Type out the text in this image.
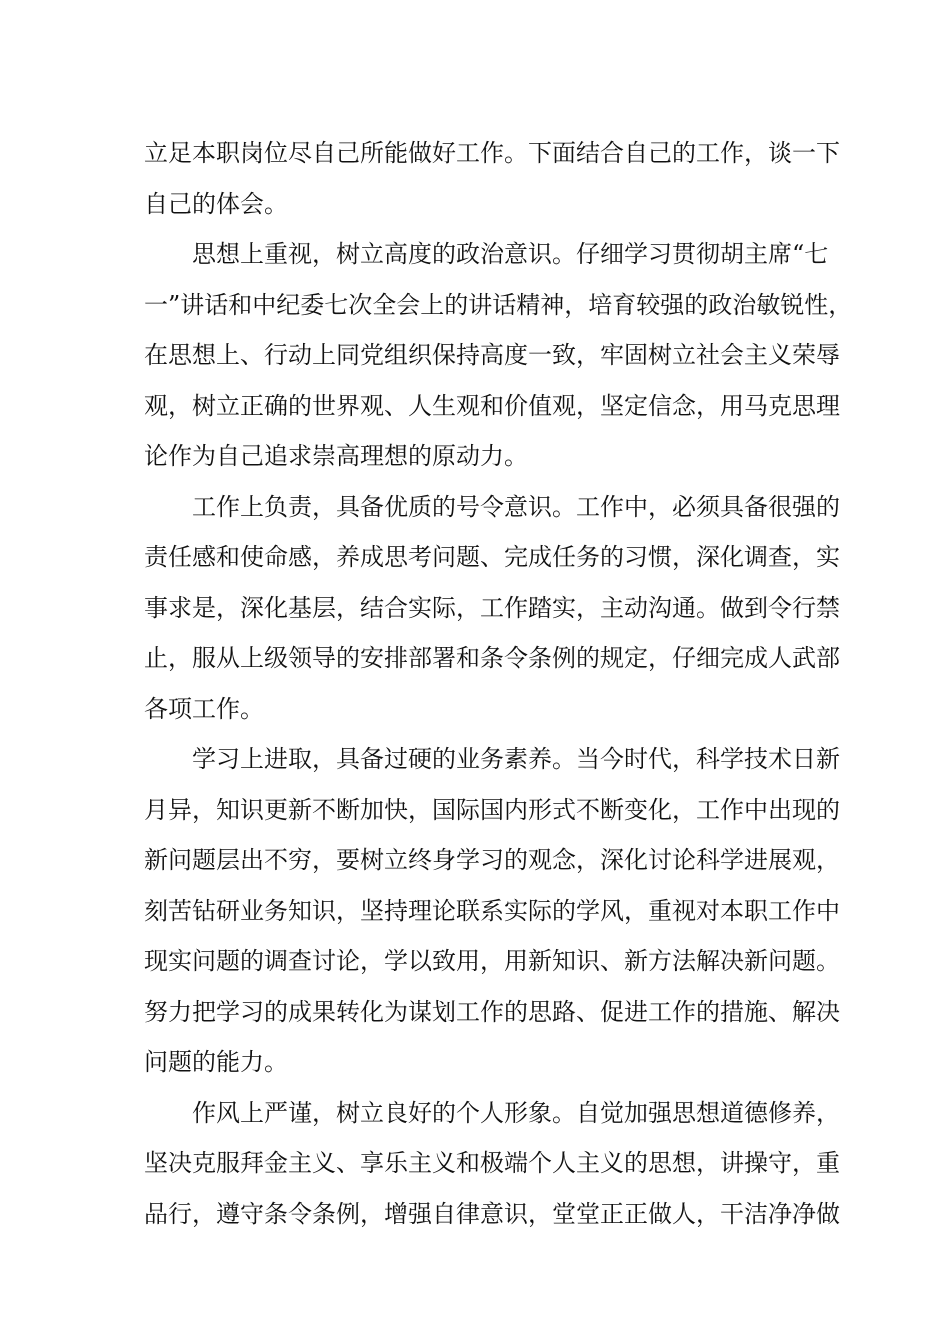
立足本职岗位尽自己所能做好工作。下面结合自己的工作，谈一下
自己的体会。
思想上重视，树立高度的政治意识。仔细学习贯彻胡主席“七
一”讲话和中纪委七次全会上的讲话精神，培育较强的政治敏锐性，
在思想上、行动上同党组织保持高度一致，牢固树立社会主义荣辱
观，树立正确的世界观、人生观和价值观，坚定信念，用马克思理
论作为自己追求崇高理想的原动力。
工作上负责，具备优质的号令意识。工作中，必须具备很强的
责任感和使命感，养成思考问题、完成任务的习惯，深化调查，实
事求是，深化基层，结合实际，工作踏实，主动沟通。做到令行禁
止，服从上级领导的安排部署和条令条例的规定，仔细完成人武部
各项工作。
学习上进取，具备过硬的业务素养。当今时代，科学技术日新
月异，知识更新不断加快，国际国内形式不断变化，工作中出现的
新问题层出不穷，要树立终身学习的观念，深化讨论科学进展观，
刻苦钻研业务知识，坚持理论联系实际的学风，重视对本职工作中
现实问题的调查讨论，学以致用，用新知识、新方法解决新问题。
努力把学习的成果转化为谋划工作的思路、促进工作的措施、解决
问题的能力。
作风上严谨，树立良好的个人形象。自觉加强思想道德修养，
坚决克服拜金主义、享乐主义和极端个人主义的思想，讲操守，重
品行，遵守条令条例，增强自律意识，堂堂正正做人，干洁净净做
